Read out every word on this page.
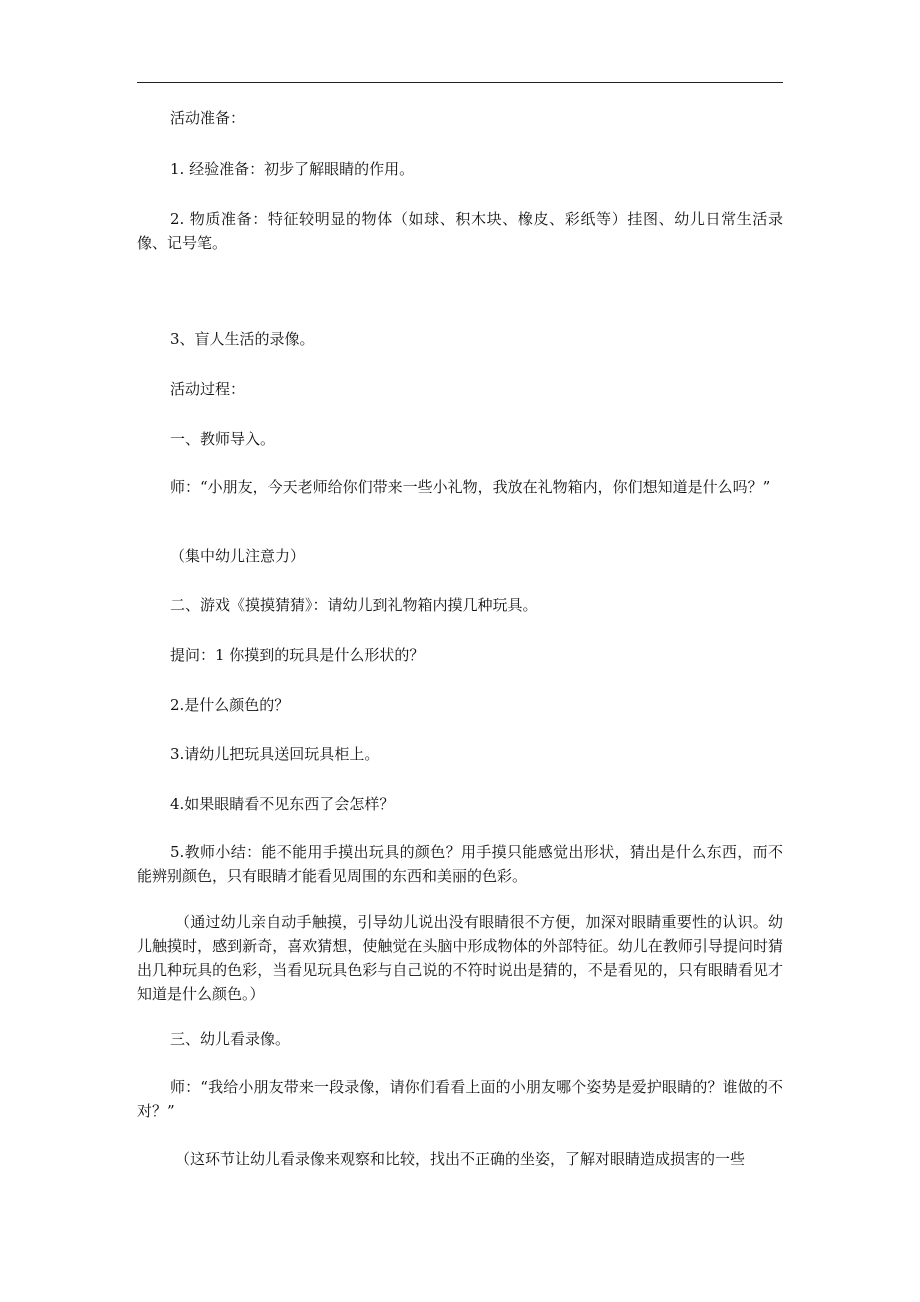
活动准备：

1. 经验准备：初步了解眼睛的作用。

2. 物质准备：特征较明显的物体（如球、积木块、橡皮、彩纸等）挂图、幼儿日常生活录像、记号笔。

3、盲人生活的录像。

活动过程：

一、教师导入。

师：“小朋友，今天老师给你们带来一些小礼物，我放在礼物箱内，你们想知道是什么吗？”

（集中幼儿注意力）

二、游戏《摸摸猜猜》：请幼儿到礼物箱内摸几种玩具。

提问：1 你摸到的玩具是什么形状的？

2.是什么颜色的？

3.请幼儿把玩具送回玩具柜上。

4.如果眼睛看不见东西了会怎样？

5.教师小结：能不能用手摸出玩具的颜色？用手摸只能感觉出形状，猜出是什么东西，而不能辨别颜色，只有眼睛才能看见周围的东西和美丽的色彩。

（通过幼儿亲自动手触摸，引导幼儿说出没有眼睛很不方便，加深对眼睛重要性的认识。幼儿触摸时，感到新奇，喜欢猜想，使触觉在头脑中形成物体的外部特征。幼儿在教师引导提问时猜出几种玩具的色彩，当看见玩具色彩与自己说的不符时说出是猜的，不是看见的，只有眼睛看见才知道是什么颜色。）

三、幼儿看录像。

师：“我给小朋友带来一段录像，请你们看看上面的小朋友哪个姿势是爱护眼睛的？谁做的不对？”

（这环节让幼儿看录像来观察和比较，找出不正确的坐姿，了解对眼睛造成损害的一些
